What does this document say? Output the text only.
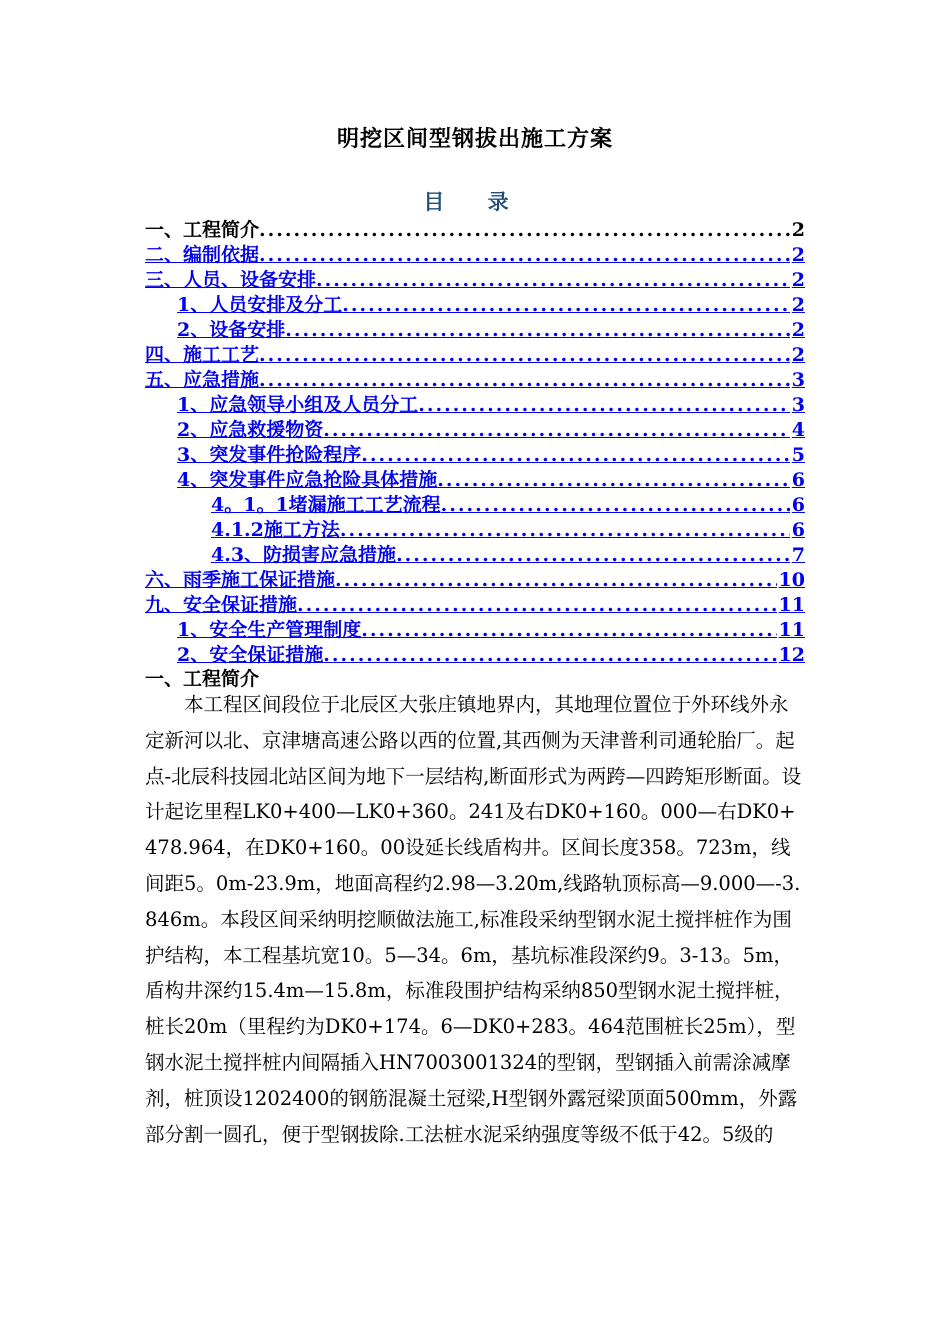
明挖区间型钢拔出施工方案
目 录
一、工程简介 .....	2
二、编制依据 .....	2
三、人员、设备安排 .....	2
1、人员安排及分工 .....	2
2、设备安排 .....	2
四、施工工艺 .....	2
五、应急措施 .....	3
1、应急领导小组及人员分工 .....	3
2、应急救援物资 .....	4
3、突发事件抢险程序 .....	5
4、突发事件应急抢险具体措施 .....	6
4。1。1堵漏施工工艺流程 .....	6
4.1.2施工方法 .....	6
4.3、防损害应急措施 .....	7
六、雨季施工保证措施 .....	10
九、安全保证措施 .....	11
1、安全生产管理制度 .....	11
2、安全保证措施 .....	12
一、工程简介

本工程区间段位于北辰区大张庄镇地界内，其地理位置位于外环线外永定新河以北、京津塘高速公路以西的位置,其西侧为天津普利司通轮胎厂。起点-北辰科技园北站区间为地下一层结构,断面形式为两跨—四跨矩形断面。设计起讫里程LK0+400—LK0+360。241及右DK0+160。000—右DK0+478.964，在DK0+160。00设延长线盾构井。区间长度358。723m，线间距5。0m-23.9m，地面高程约2.98—3.20m,线路轨顶标高—9.000—-3.846m。本段区间采纳明挖顺做法施工,标准段采纳型钢水泥土搅拌桩作为围护结构，本工程基坑宽10。5—34。6m，基坑标准段深约9。3-13。5m，盾构井深约15.4m—15.8m，标准段围护结构采纳850型钢水泥土搅拌桩，桩长20m（里程约为DK0+174。6—DK0+283。464范围桩长25m），型钢水泥土搅拌桩内间隔插入HN7003001324的型钢，型钢插入前需涂减摩剂，桩顶设1202400的钢筋混凝土冠梁,H型钢外露冠梁顶面500mm，外露部分割一圆孔，便于型钢拔除.工法桩水泥采纳强度等级不低于42。5级的
